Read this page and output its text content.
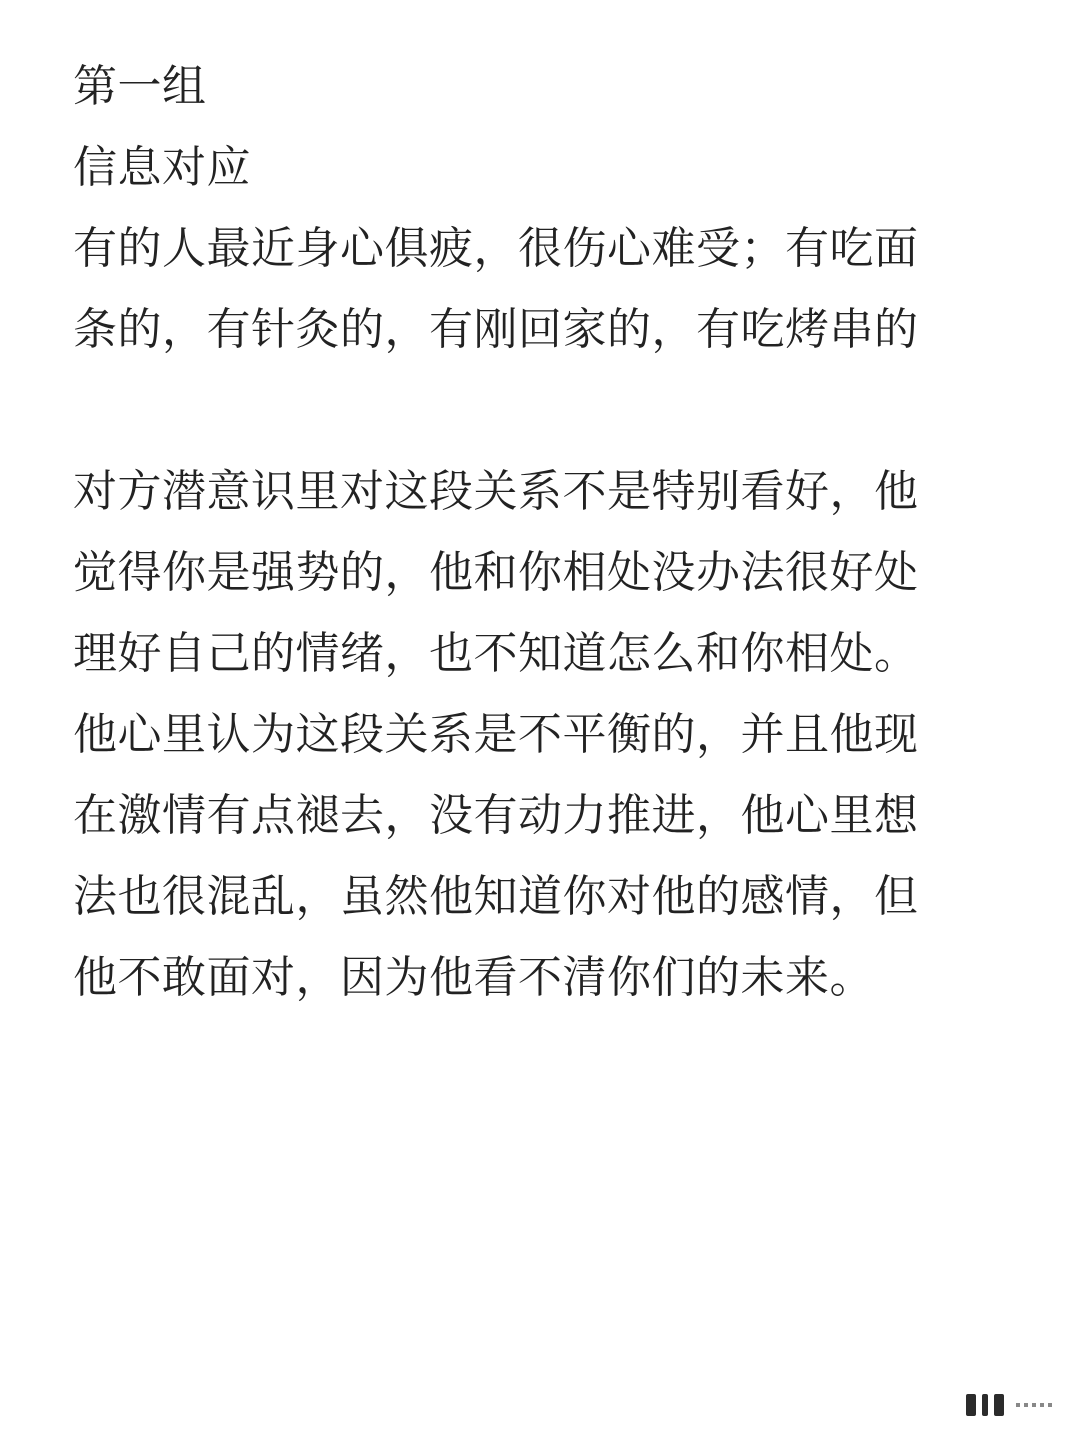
第一组
信息对应
有的人最近身心俱疲，很伤心难受；有吃面
条的，有针灸的，有刚回家的，有吃烤串的
对方潜意识里对这段关系不是特别看好，他
觉得你是强势的，他和你相处没办法很好处
理好自己的情绪，也不知道怎么和你相处。
他心里认为这段关系是不平衡的，并且他现
在激情有点褪去，没有动力推进，他心里想
法也很混乱，虽然他知道你对他的感情，但
他不敢面对，因为他看不清你们的未来。
